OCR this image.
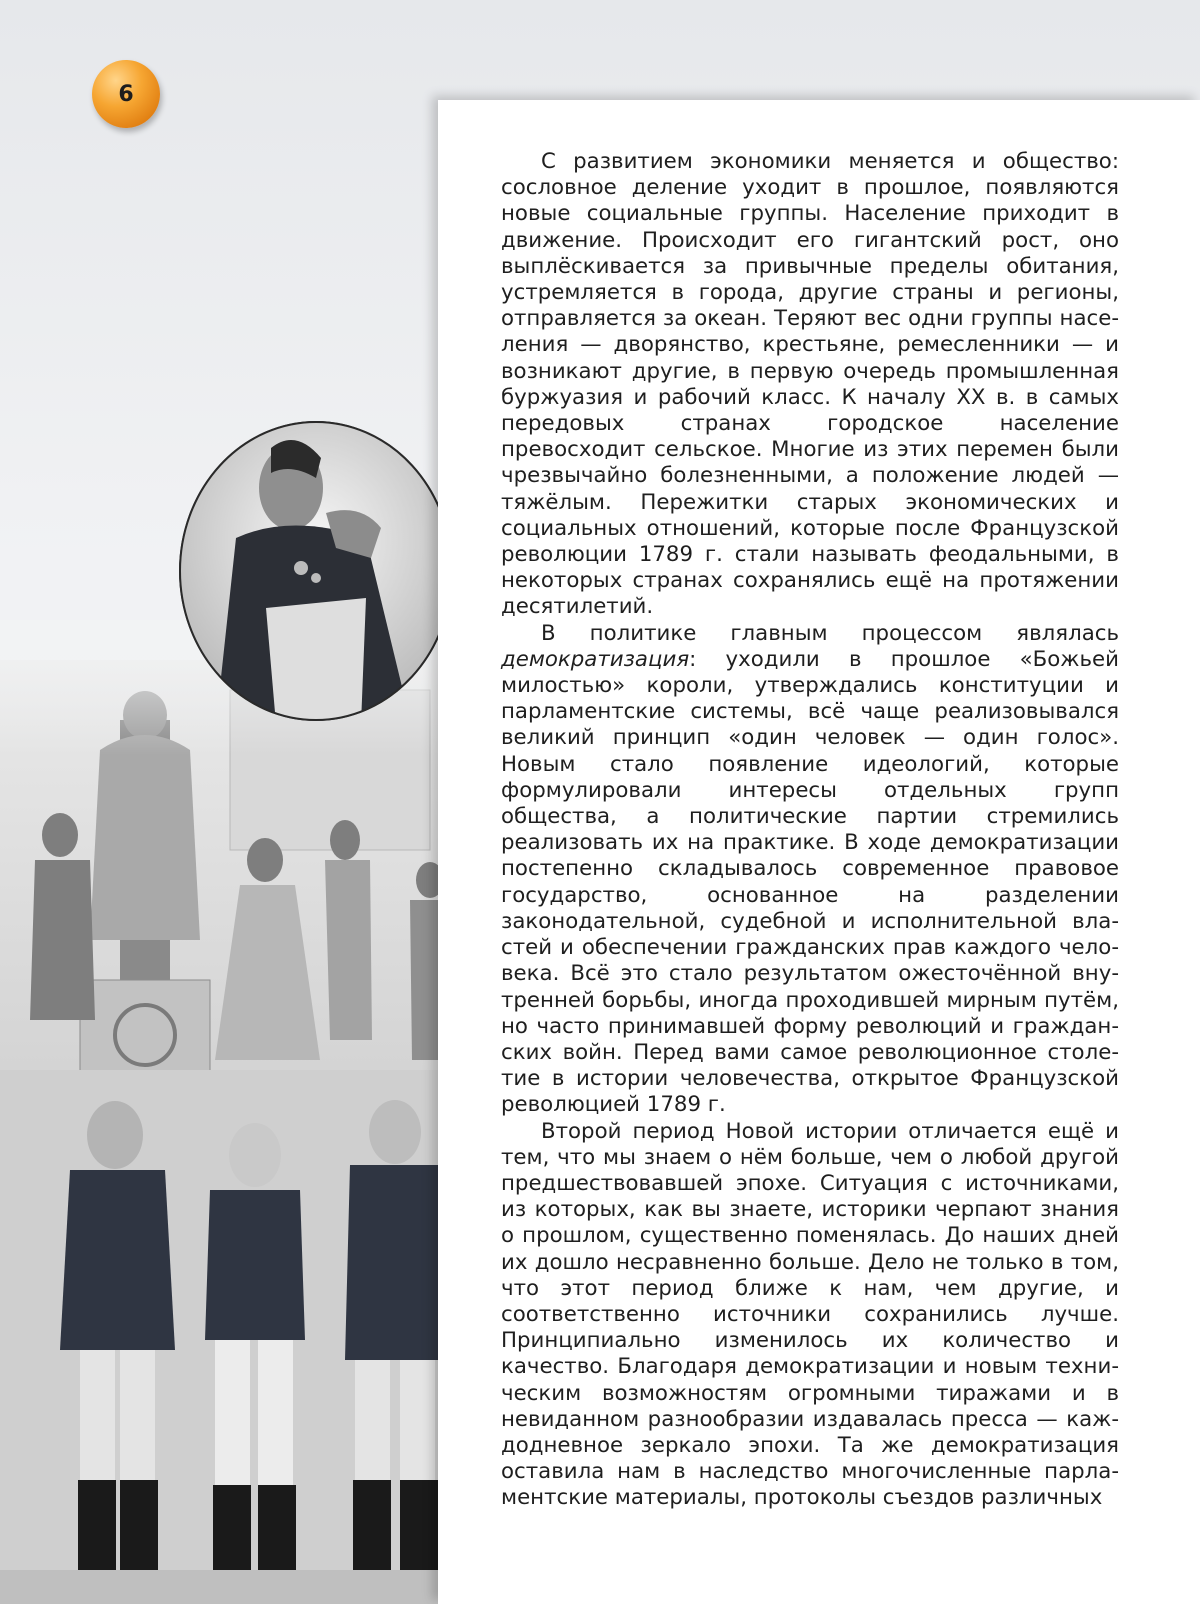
6

С развитием экономики меняется и общество: сословное деление уходит в прошлое, появляются новые социальные группы. Население приходит в движение. Происходит его гигантский рост, оно выплёскивается за привычные пределы обитания, устремляется в города, другие страны и регионы, отправляется за океан. Теряют вес одни группы населения — дворянство, крестьяне, ремесленники — и возникают другие, в первую очередь промышленная буржуазия и рабочий класс. К началу XX в. в самых передовых странах городское население превосходит сельское. Многие из этих перемен были чрезвычайно болезненными, а положение людей — тяжёлым. Пережитки старых экономических и социальных отношений, которые после Французской революции 1789 г. стали называть феодальными, в некоторых странах сохранялись ещё на протяжении десятилетий.

В политике главным процессом являлась демократизация: уходили в прошлое «Божьей милостью» короли, утверждались конституции и парламентские системы, всё чаще реализовывался великий принцип «один человек — один голос». Новым стало появление идеологий, которые формулировали интересы отдельных групп общества, а политические партии стремились реализовать их на практике. В ходе демократизации постепенно складывалось современное правовое государство, основанное на разделении законодательной, судебной и исполнительной властей и обеспечении гражданских прав каждого человека. Всё это стало результатом ожесточённой внутренней борьбы, иногда проходившей мирным путём, но часто принимавшей форму революций и гражданских войн. Перед вами самое революционное столетие в истории человечества, открытое Французской революцией 1789 г.

Второй период Новой истории отличается ещё и тем, что мы знаем о нём больше, чем о любой другой предшествовавшей эпохе. Ситуация с источниками, из которых, как вы знаете, историки черпают знания о прошлом, существенно поменялась. До наших дней их дошло несравненно больше. Дело не только в том, что этот период ближе к нам, чем другие, и соответственно источники сохранились лучше. Принципиально изменилось их количество и качество. Благодаря демократизации и новым техническим возможностям огромными тиражами и в невиданном разнообразии издавалась пресса — каждодневное зеркало эпохи. Та же демократизация оставила нам в наследство многочисленные парламентские материалы, протоколы съездов различных
